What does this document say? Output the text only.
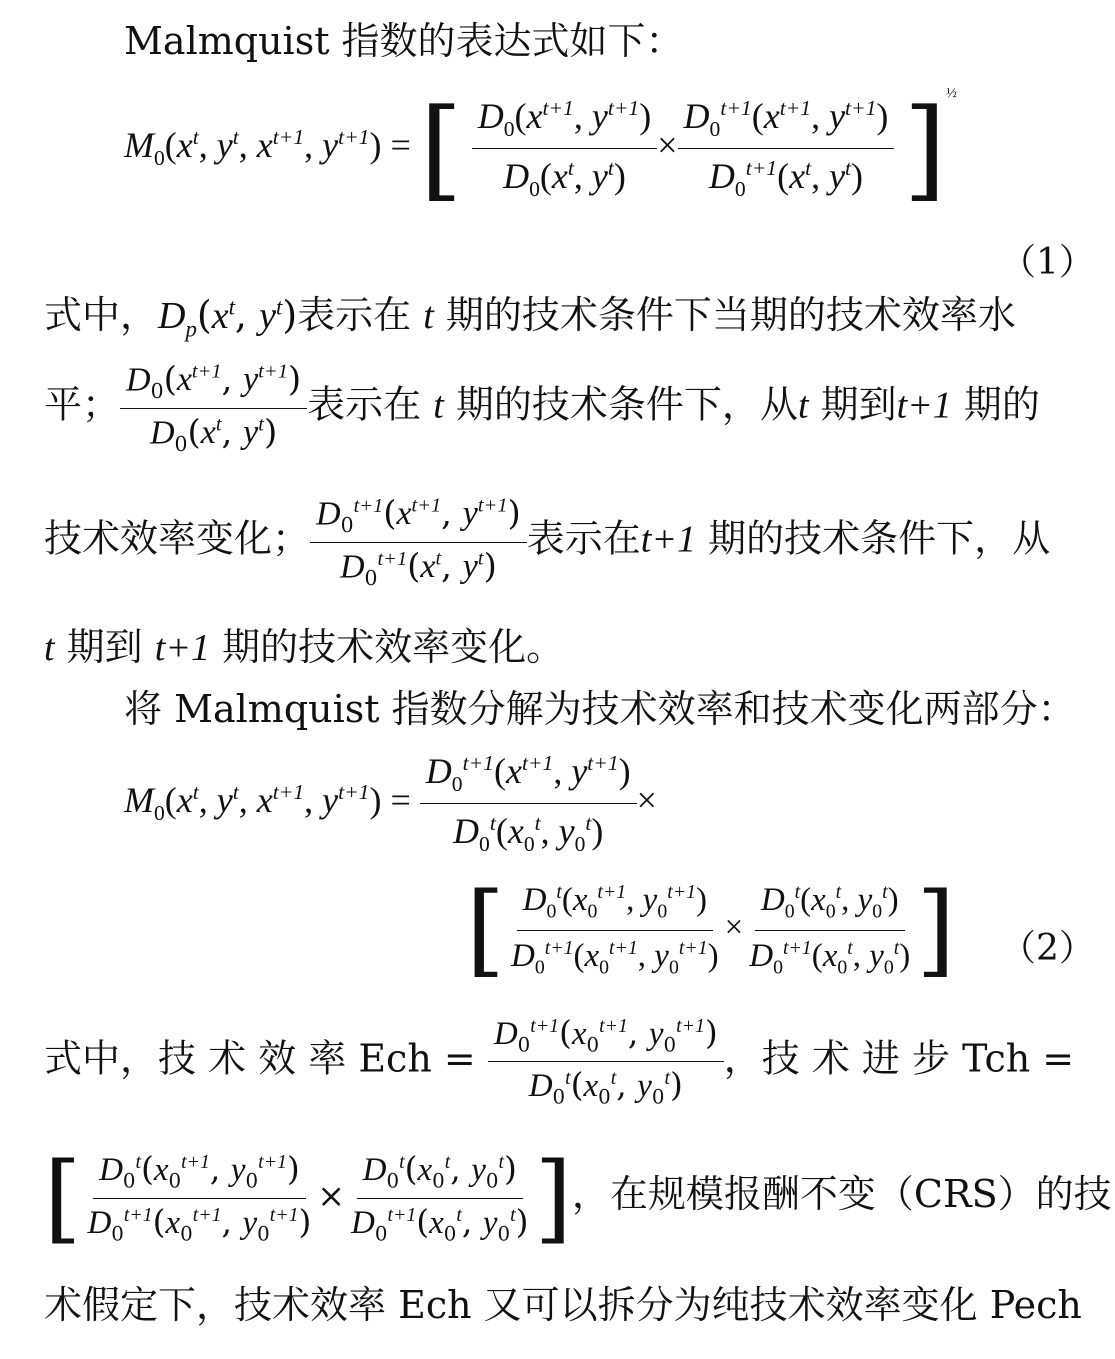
Malmquist 指数的表达式如下：
$M_0(x^t$, $y^t$, $x^{t+1}$, $y^{t+1}$) = [ $\frac{D_0(x^{t+1}, y^{t+1})}{D_0(x^t, y^t)} \times \frac{D_0^{t+1}(x^{t+1}, y^{t+1})}{D_0^{t+1}(x^t, y^t)} ]^{\frac{1}{2}}$
（1）
式中，$D_p(x^t$, $y^t$)表示在 t 期的技术条件下当期的技术效率水
平； $\frac{D_0(x^{t+1}, y^{t+1})}{D_0(x^t, y^t)}$ 表示在 t 期的技术条件下，从t 期到t+1 期的
技术效率变化； $\frac{D_0^{t+1}(x^{t+1}, y^{t+1})}{D_0^{t+1}(x^t, y^t)}$ 表示在t+1 期的技术条件下，从
t 期到 t+1 期的技术效率变化。
将 Malmquist 指数分解为技术效率和技术变化两部分：
$M_0(x^t$, $y^t$, $x^{t+1}$, $y^{t+1}) = \frac{D_0^{t+1}(x^{t+1}, y^{t+1})}{D_0^t(x_0^t, y_0^t)}$ ×
[ $\frac{D_0^t(x_0^{t+1}, y_0^{t+1})}{D_0^{t+1}(x_0^{t+1}, y_0^{t+1})} \times \frac{D_0^t(x_0^t, y_0^t)}{D_0^{t+1}(x_0^t, y_0^t)}$ ] （2）
式中，技 术 效 率 Ech = $\frac{D_0^{t+1}(x_0^{t+1}, y_0^{t+1})}{D_0^t(x_0^t, y_0^t)}$ ，技 术 进 步 Tch =
[ $\frac{D_0^t(x_0^{t+1}, y_0^{t+1})}{D_0^{t+1}(x_0^{t+1}, y_0^{t+1})} \times \frac{D_0^t(x_0^t, y_0^t)}{D_0^{t+1}(x_0^t, y_0^t)}$ ]，在规模报酬不变（CRS）的技
术假定下，技术效率 Ech 又可以拆分为纯技术效率变化 Pech
